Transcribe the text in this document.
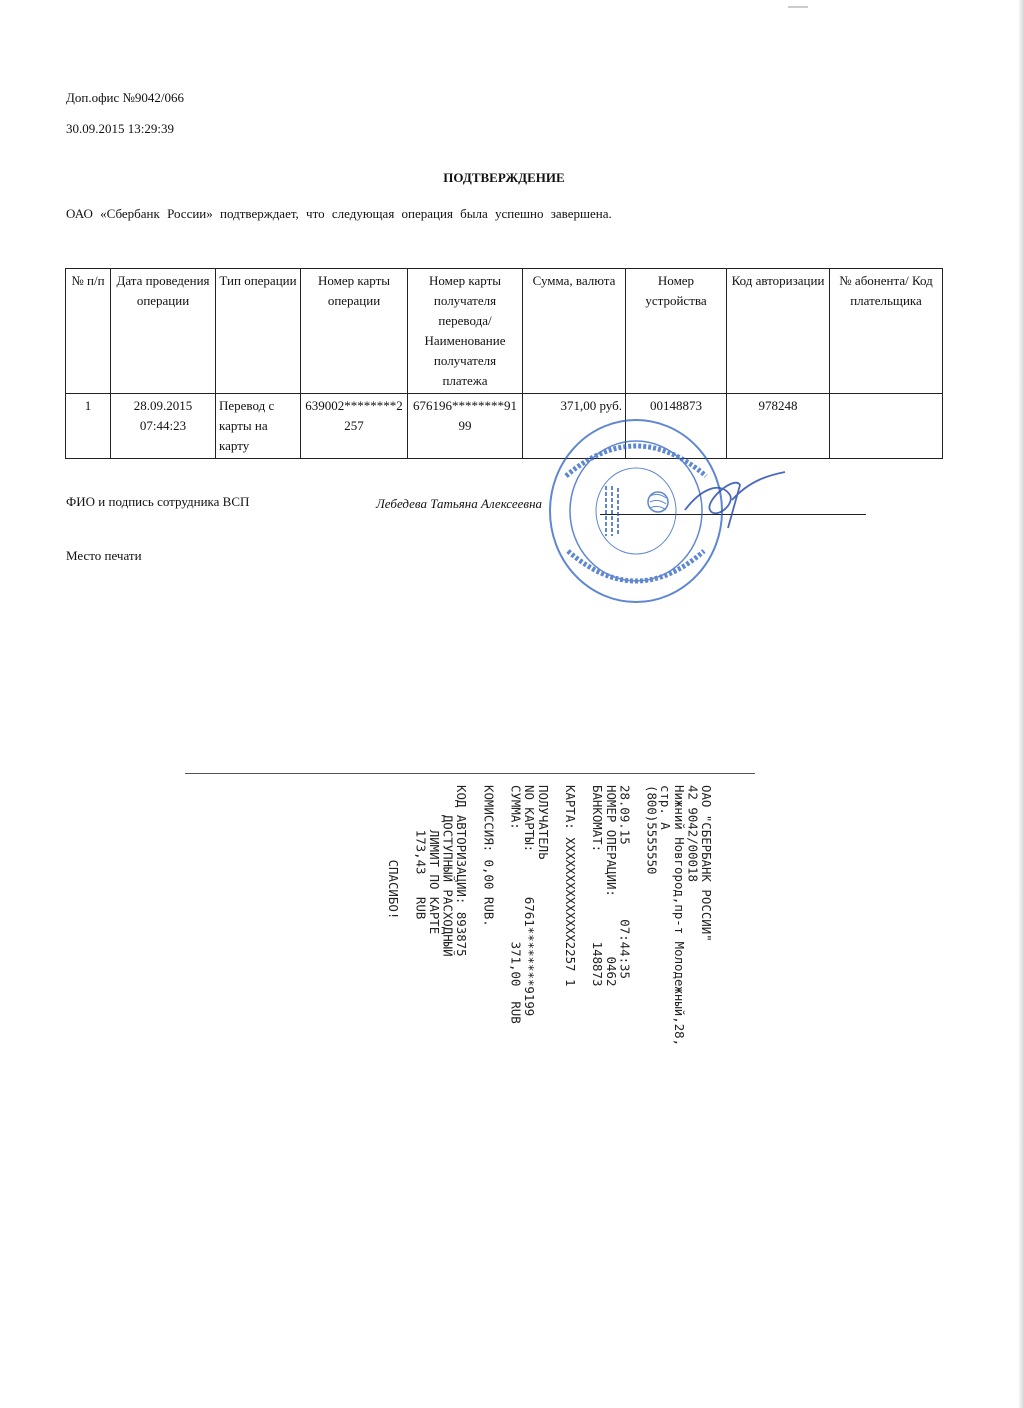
Доп.офис №9042/066
30.09.2015 13:29:39
ПОДТВЕРЖДЕНИЕ
ОАО «Сбербанк России» подтверждает, что следующая операция была успешно завершена.
№ п/п	Дата проведения операции	Тип операции	Номер карты операции	Номер карты получателя перевода/ Наименование получателя платежа	Сумма, валюта	Номер устройства	Код авторизации	№ абонента/ Код плательщика
1	28.09.2015 07:44:23	Перевод с карты на карту	639002********2257	676196********9199	371,00 руб.	00148873	978248	
ФИО и подпись сотрудника ВСП	Лебедева Татьяна Алексеевна
Место печати
ОАО "СБЕРБАНК РОССИИ"
42 9042/00018
Нижний Новгород,пр-т Молодежный,28,
стр. А
(800)5555550
28.09.15          07:44:35
НОМЕР ОПЕРАЦИИ:        0462
БАНКОМАТ:            148873
КАРТА: XXXXXXXXXXXXXX2257 1
ПОЛУЧАТЕЛЬ
NO КАРТЫ:      6761********9199
СУММА:               371,00  RUB
КОМИССИЯ: 0,00 RUB.
КОД АВТОРИЗАЦИИ: 893875
ДОСТУПНЫЙ РАСХОДНЫЙ
ЛИМИТ ПО КАРТЕ
173,43   RUB
СПАСИБО!
